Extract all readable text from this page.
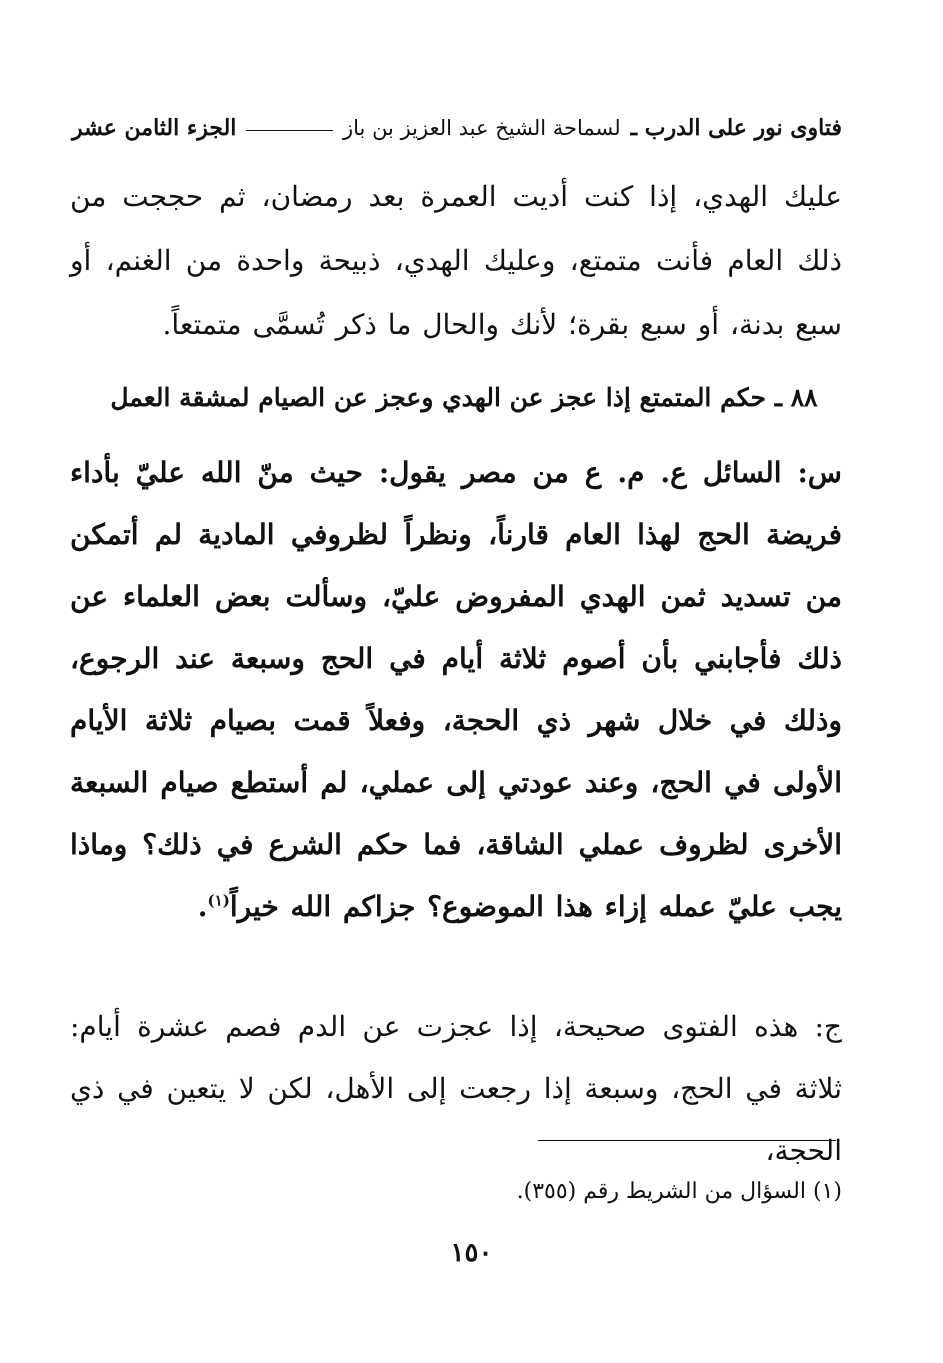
فتاوى نور على الدرب ـ
لسماحة الشيخ عبد العزيز بن باز
الجزء الثامن عشر

عليك الهدي، إذا كنت أديت العمرة بعد رمضان، ثم حججت من ذلك العام فأنت متمتع، وعليك الهدي، ذبيحة واحدة من الغنم، أو سبع بدنة، أو سبع بقرة؛ لأنك والحال ما ذكر تُسمَّى متمتعاً.

٨٨ ـ حكم المتمتع إذا عجز عن الهدي وعجز عن الصيام لمشقة العمل

س: السائل ع. م. ع من مصر يقول: حيث منّ الله عليّ بأداء فريضة الحج لهذا العام قارناً، ونظراً لظروفي المادية لم أتمكن من تسديد ثمن الهدي المفروض عليّ، وسألت بعض العلماء عن ذلك فأجابني بأن أصوم ثلاثة أيام في الحج وسبعة عند الرجوع، وذلك في خلال شهر ذي الحجة، وفعلاً قمت بصيام ثلاثة الأيام الأولى في الحج، وعند عودتي إلى عملي، لم أستطع صيام السبعة الأخرى لظروف عملي الشاقة، فما حكم الشرع في ذلك؟ وماذا يجب عليّ عمله إزاء هذا الموضوع؟ جزاكم الله خيراً$^{(١)}$.

ج: هذه الفتوى صحيحة، إذا عجزت عن الدم فصم عشرة أيام: ثلاثة في الحج، وسبعة إذا رجعت إلى الأهل، لكن لا يتعين في ذي الحجة،

(١) السؤال من الشريط رقم (٣٥٥).
١٥٠
